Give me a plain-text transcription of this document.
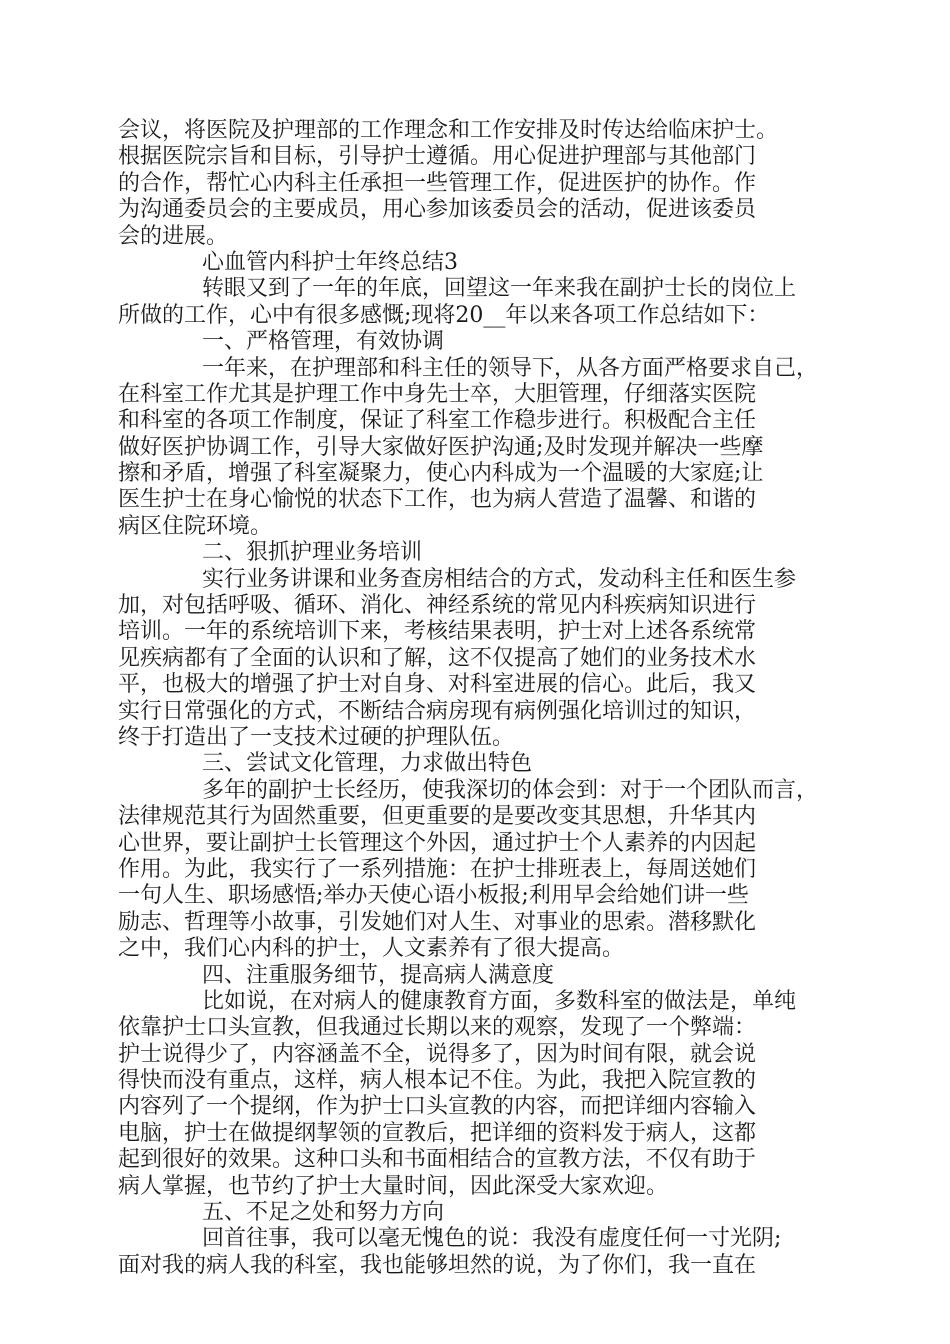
会议，将医院及护理部的工作理念和工作安排及时传达给临床护士。
根据医院宗旨和目标，引导护士遵循。用心促进护理部与其他部门
的合作，帮忙心内科主任承担一些管理工作，促进医护的协作。作
为沟通委员会的主要成员，用心参加该委员会的活动，促进该委员
会的进展。
心血管内科护士年终总结3
转眼又到了一年的年底，回望这一年来我在副护士长的岗位上
所做的工作，心中有很多感慨;现将20__年以来各项工作总结如下：
一、严格管理，有效协调
一年来，在护理部和科主任的领导下，从各方面严格要求自己，
在科室工作尤其是护理工作中身先士卒，大胆管理，仔细落实医院
和科室的各项工作制度，保证了科室工作稳步进行。积极配合主任
做好医护协调工作，引导大家做好医护沟通;及时发现并解决一些摩
擦和矛盾，增强了科室凝聚力，使心内科成为一个温暖的大家庭;让
医生护士在身心愉悦的状态下工作，也为病人营造了温馨、和谐的
病区住院环境。
二、狠抓护理业务培训
实行业务讲课和业务查房相结合的方式，发动科主任和医生参
加，对包括呼吸、循环、消化、神经系统的常见内科疾病知识进行
培训。一年的系统培训下来，考核结果表明，护士对上述各系统常
见疾病都有了全面的认识和了解，这不仅提高了她们的业务技术水
平，也极大的增强了护士对自身、对科室进展的信心。此后，我又
实行日常强化的方式，不断结合病房现有病例强化培训过的知识，
终于打造出了一支技术过硬的护理队伍。
三、尝试文化管理，力求做出特色
多年的副护士长经历，使我深切的体会到：对于一个团队而言，
法律规范其行为固然重要，但更重要的是要改变其思想，升华其内
心世界，要让副护士长管理这个外因，通过护士个人素养的内因起
作用。为此，我实行了一系列措施：在护士排班表上，每周送她们
一句人生、职场感悟;举办天使心语小板报;利用早会给她们讲一些
励志、哲理等小故事，引发她们对人生、对事业的思索。潜移默化
之中，我们心内科的护士，人文素养有了很大提高。
四、注重服务细节，提高病人满意度
比如说，在对病人的健康教育方面，多数科室的做法是，单纯
依靠护士口头宣教，但我通过长期以来的观察，发现了一个弊端：
护士说得少了，内容涵盖不全，说得多了，因为时间有限，就会说
得快而没有重点，这样，病人根本记不住。为此，我把入院宣教的
内容列了一个提纲，作为护士口头宣教的内容，而把详细内容输入
电脑，护士在做提纲挈领的宣教后，把详细的资料发于病人，这都
起到很好的效果。这种口头和书面相结合的宣教方法，不仅有助于
病人掌握，也节约了护士大量时间，因此深受大家欢迎。
五、不足之处和努力方向
回首往事，我可以毫无愧色的说：我没有虚度任何一寸光阴;
面对我的病人我的科室，我也能够坦然的说，为了你们，我一直在
